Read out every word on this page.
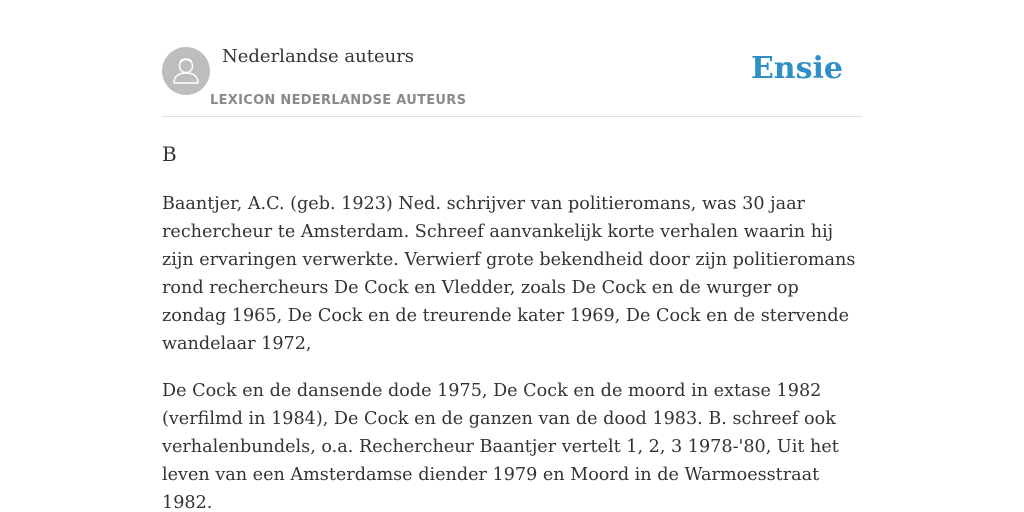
Nederlandse auteurs
LEXICON NEDERLANDSE AUTEURS
Ensie
B

Baantjer, A.C. (geb. 1923) Ned. schrijver van politieromans, was 30 jaar rechercheur te Amsterdam. Schreef aanvankelijk korte verhalen waarin hij zijn ervaringen verwerkte. Verwierf grote bekendheid door zijn politieromans rond rechercheurs De Cock en Vledder, zoals De Cock en de wurger op zondag 1965, De Cock en de treurende kater 1969, De Cock en de stervende wandelaar 1972,

De Cock en de dansende dode 1975, De Cock en de moord in extase 1982 (verfilmd in 1984), De Cock en de ganzen van de dood 1983. B. schreef ook verhalenbundels, o.a. Rechercheur Baantjer vertelt 1, 2, 3 1978-'80, Uit het leven van een Amsterdamse diender 1979 en Moord in de Warmoesstraat 1982.
